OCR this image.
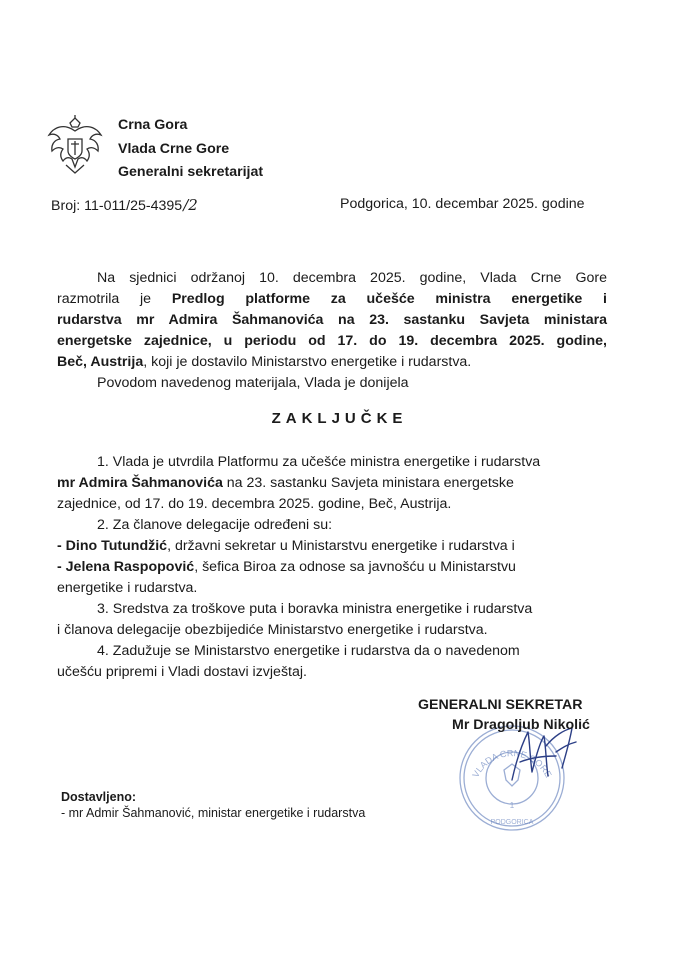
Crna Gora
Vlada Crne Gore
Generalni sekretarijat
Broj: 11-011/25-4395/2	Podgorica, 10. decembar 2025. godine
Na sjednici održanoj 10. decembra 2025. godine, Vlada Crne Gore
razmotrila je Predlog platforme za učešće ministra energetike i
rudarstva mr Admira Šahmanovića na 23. sastanku Savjeta ministara
energetske zajednice, u periodu od 17. do 19. decembra 2025. godine,
Beč, Austrija, koji je dostavilo Ministarstvo energetike i rudarstva.
Povodom navedenog materijala, Vlada je donijela
ZAKLJUČKE
1. Vlada je utvrdila Platformu za učešće ministra energetike i rudarstva
mr Admira Šahmanovića na 23. sastanku Savjeta ministara energetske
zajednice, od 17. do 19. decembra 2025. godine, Beč, Austrija.
2. Za članove delegacije određeni su:
- Dino Tutundžić, državni sekretar u Ministarstvu energetike i rudarstva i
- Jelena Raspopović, šefica Biroa za odnose sa javnošću u Ministarstvu
energetike i rudarstva.
3. Sredstva za troškove puta i boravka ministra energetike i rudarstva
i članova delegacije obezbijediće Ministarstvo energetike i rudarstva.
4. Zadužuje se Ministarstvo energetike i rudarstva da o navedenom
učešću pripremi i Vladi dostavi izvještaj.
VLADA CRNE GORE
1
PODGORICA
GENERALNI SEKRETAR
Mr Dragoljub Nikolić
Dostavljeno:
- mr Admir Šahmanović, ministar energetike i rudarstva
